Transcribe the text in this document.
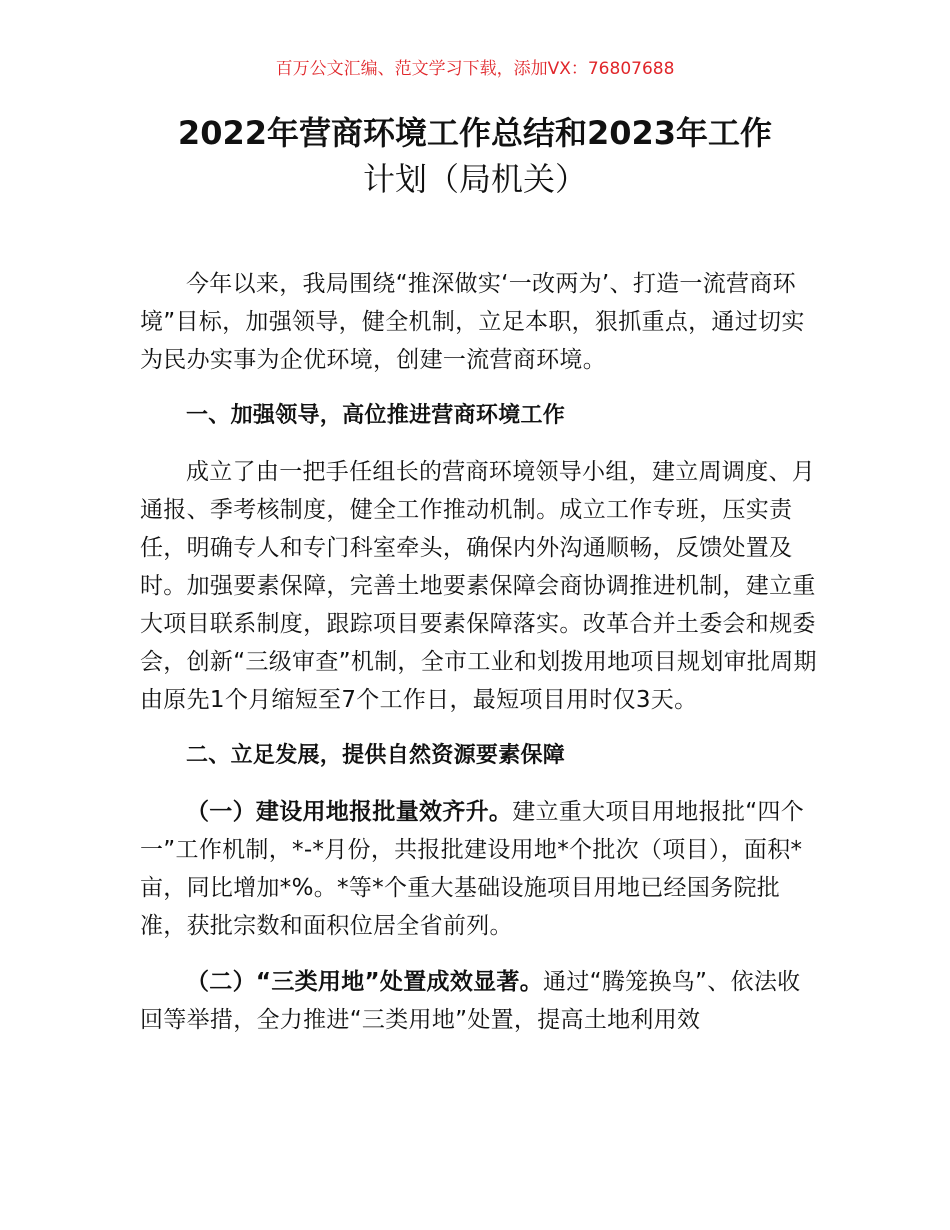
百万公文汇编、范文学习下载，添加VX：76807688
2022年营商环境工作总结和2023年工作
计划（局机关）

今年以来，我局围绕“推深做实‘一改两为’、打造一流营商环境”目标，加强领导，健全机制，立足本职，狠抓重点，通过切实为民办实事为企优环境，创建一流营商环境。

一、加强领导，高位推进营商环境工作

成立了由一把手任组长的营商环境领导小组，建立周调度、月通报、季考核制度，健全工作推动机制。成立工作专班，压实责任，明确专人和专门科室牵头，确保内外沟通顺畅，反馈处置及时。加强要素保障，完善土地要素保障会商协调推进机制，建立重大项目联系制度，跟踪项目要素保障落实。改革合并土委会和规委会，创新“三级审查”机制，全市工业和划拨用地项目规划审批周期由原先1个月缩短至7个工作日，最短项目用时仅3天。

二、立足发展，提供自然资源要素保障

（一）建设用地报批量效齐升。建立重大项目用地报批“四个一”工作机制，*-*月份，共报批建设用地*个批次（项目），面积*亩，同比增加*%。*等*个重大基础设施项目用地已经国务院批准，获批宗数和面积位居全省前列。

（二）“三类用地”处置成效显著。通过“腾笼换鸟”、依法收回等举措，全力推进“三类用地”处置，提高土地利用效
